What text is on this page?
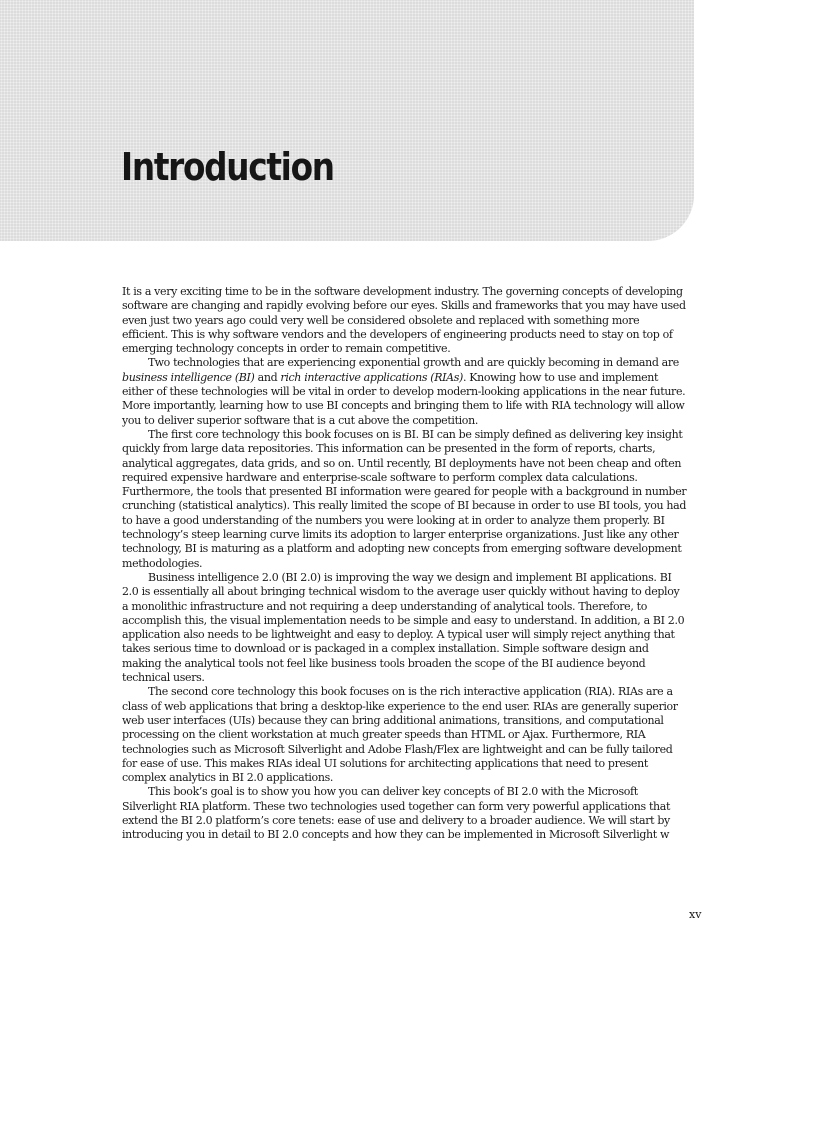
Introduction

It is a very exciting time to be in the software development industry. The governing concepts of developing software are changing and rapidly evolving before our eyes. Skills and frameworks that you may have used even just two years ago could very well be considered obsolete and replaced with something more efficient. This is why software vendors and the developers of engineering products need to stay on top of emerging technology concepts in order to remain competitive.

Two technologies that are experiencing exponential growth and are quickly becoming in demand are business intelligence (BI) and rich interactive applications (RIAs). Knowing how to use and implement either of these technologies will be vital in order to develop modern-looking applications in the near future. More importantly, learning how to use BI concepts and bringing them to life with RIA technology will allow you to deliver superior software that is a cut above the competition.

The first core technology this book focuses on is BI. BI can be simply defined as delivering key insight quickly from large data repositories. This information can be presented in the form of reports, charts, analytical aggregates, data grids, and so on. Until recently, BI deployments have not been cheap and often required expensive hardware and enterprise-scale software to perform complex data calculations. Furthermore, the tools that presented BI information were geared for people with a background in number crunching (statistical analytics). This really limited the scope of BI because in order to use BI tools, you had to have a good understanding of the numbers you were looking at in order to analyze them properly. BI technology’s steep learning curve limits its adoption to larger enterprise organizations. Just like any other technology, BI is maturing as a platform and adopting new concepts from emerging software development methodologies.

Business intelligence 2.0 (BI 2.0) is improving the way we design and implement BI applications. BI 2.0 is essentially all about bringing technical wisdom to the average user quickly without having to deploy a monolithic infrastructure and not requiring a deep understanding of analytical tools. Therefore, to accomplish this, the visual implementation needs to be simple and easy to understand. In addition, a BI 2.0 application also needs to be lightweight and easy to deploy. A typical user will simply reject anything that takes serious time to download or is packaged in a complex installation. Simple software design and making the analytical tools not feel like business tools broaden the scope of the BI audience beyond technical users.

The second core technology this book focuses on is the rich interactive application (RIA). RIAs are a class of web applications that bring a desktop-like experience to the end user. RIAs are generally superior web user interfaces (UIs) because they can bring additional animations, transitions, and computational processing on the client workstation at much greater speeds than HTML or Ajax. Furthermore, RIA technologies such as Microsoft Silverlight and Adobe Flash/Flex are lightweight and can be fully tailored for ease of use. This makes RIAs ideal UI solutions for architecting applications that need to present complex analytics in BI 2.0 applications.

This book’s goal is to show you how you can deliver key concepts of BI 2.0 with the Microsoft Silverlight RIA platform. These two technologies used together can form very powerful applications that extend the BI 2.0 platform’s core tenets: ease of use and delivery to a broader audience. We will start by introducing you in detail to BI 2.0 concepts and how they can be implemented in Microsoft Silverlight w

xv
